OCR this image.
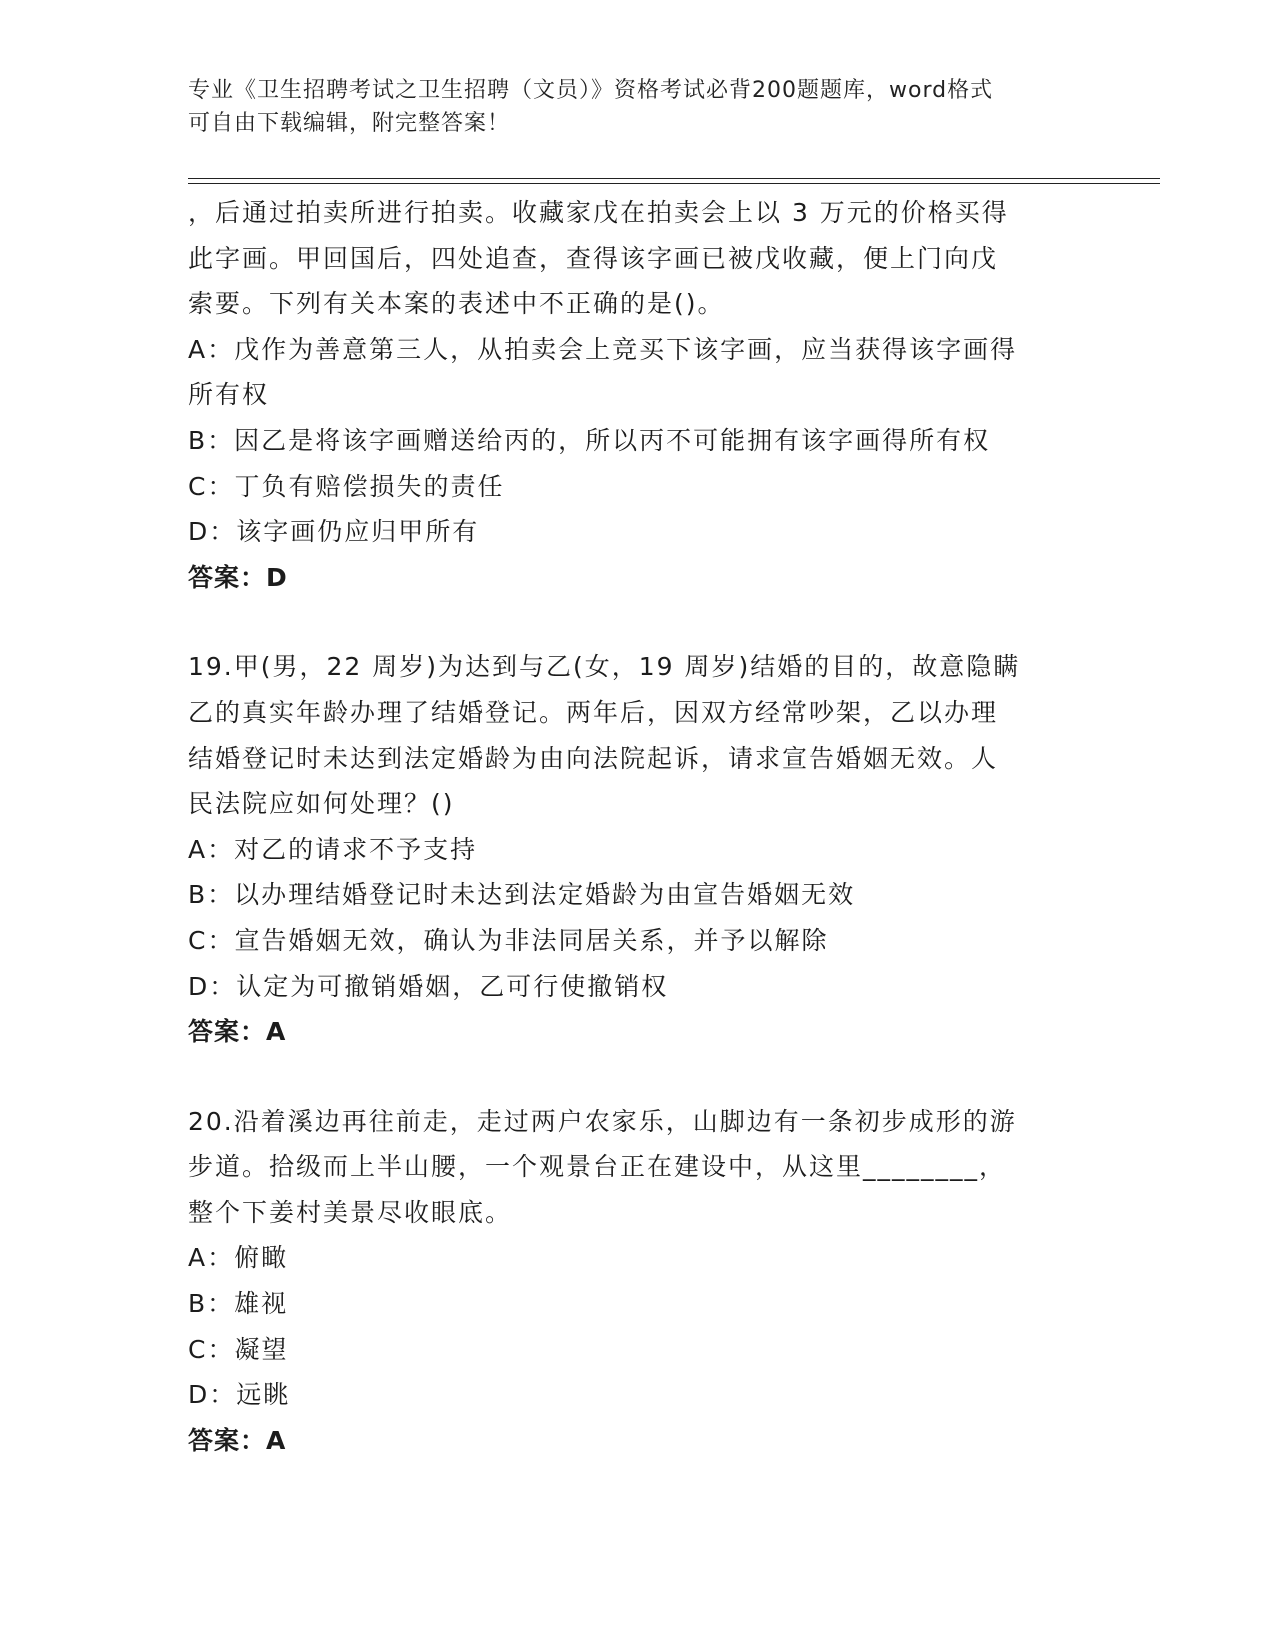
专业《卫生招聘考试之卫生招聘（文员）》资格考试必背200题题库，word格式
可自由下载编辑，附完整答案！
，后通过拍卖所进行拍卖。收藏家戊在拍卖会上以 3 万元的价格买得
此字画。甲回国后，四处追查，查得该字画已被戊收藏，便上门向戊
索要。下列有关本案的表述中不正确的是()。
A：戊作为善意第三人，从拍卖会上竞买下该字画，应当获得该字画得
所有权
B：因乙是将该字画赠送给丙的，所以丙不可能拥有该字画得所有权
C：丁负有赔偿损失的责任
D：该字画仍应归甲所有
答案：D
19.甲(男，22 周岁)为达到与乙(女，19 周岁)结婚的目的，故意隐瞒
乙的真实年龄办理了结婚登记。两年后，因双方经常吵架，乙以办理
结婚登记时未达到法定婚龄为由向法院起诉，请求宣告婚姻无效。人
民法院应如何处理？()
A：对乙的请求不予支持
B：以办理结婚登记时未达到法定婚龄为由宣告婚姻无效
C：宣告婚姻无效，确认为非法同居关系，并予以解除
D：认定为可撤销婚姻，乙可行使撤销权
答案：A
20.沿着溪边再往前走，走过两户农家乐，山脚边有一条初步成形的游
步道。拾级而上半山腰，一个观景台正在建设中，从这里________，
整个下姜村美景尽收眼底。
A：俯瞰
B：雄视
C：凝望
D：远眺
答案：A
